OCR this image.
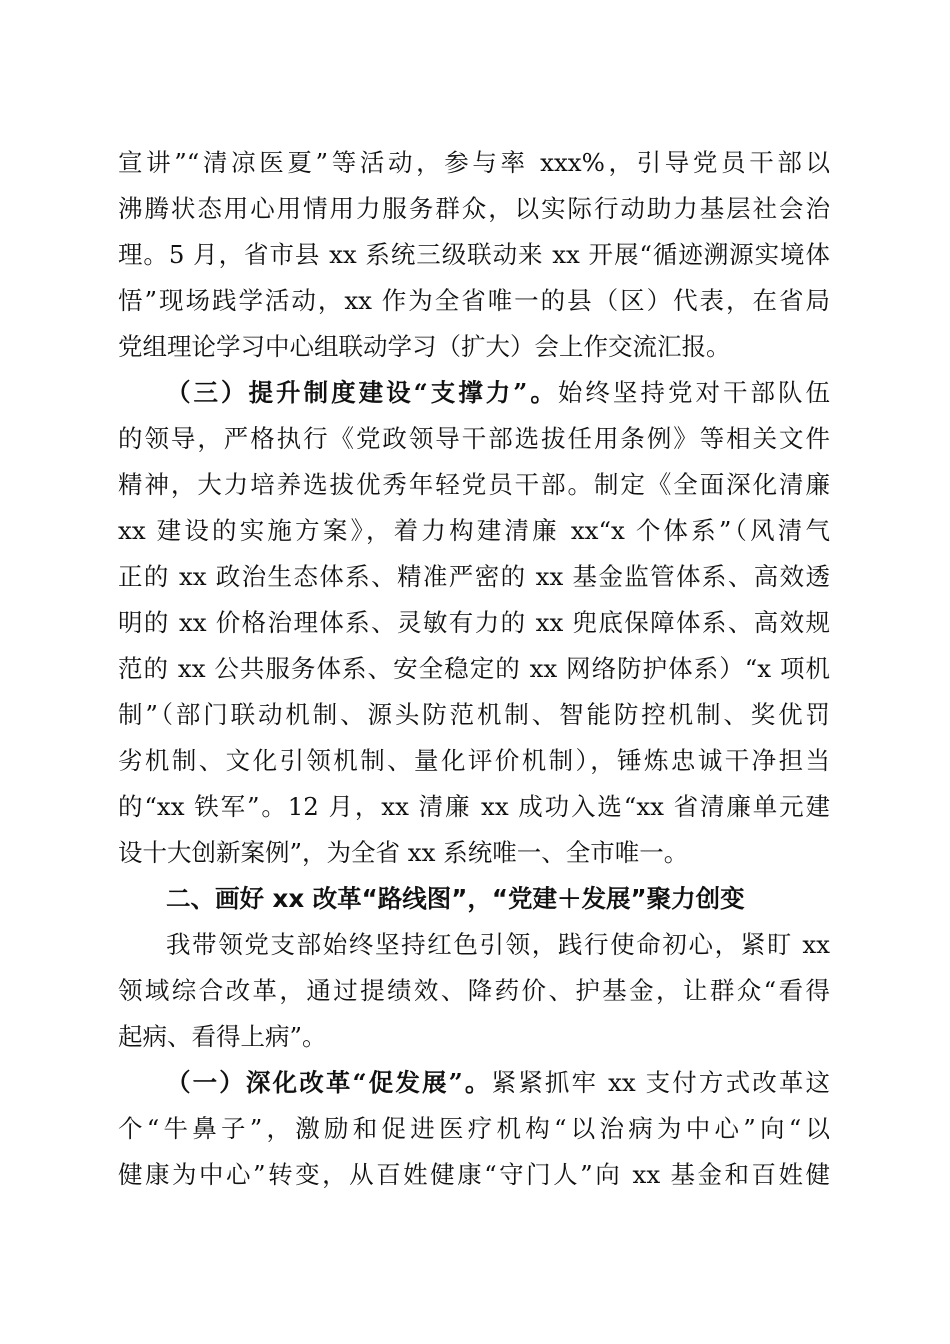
宣讲”“清凉医夏”等活动，参与率 xxx%，引导党员干部以
沸腾状态用心用情用力服务群众，以实际行动助力基层社会治
理。5 月，省市县 xx 系统三级联动来 xx 开展“循迹溯源实境体
悟”现场践学活动，xx 作为全省唯一的县（区）代表，在省局
党组理论学习中心组联动学习（扩大）会上作交流汇报。
（三）提升制度建设“支撑力”。始终坚持党对干部队伍
的领导，严格执行《党政领导干部选拔任用条例》等相关文件
精神，大力培养选拔优秀年轻党员干部。制定《全面深化清廉
xx 建设的实施方案》，着力构建清廉 xx“x 个体系”（风清气
正的 xx 政治生态体系、精准严密的 xx 基金监管体系、高效透
明的 xx 价格治理体系、灵敏有力的 xx 兜底保障体系、高效规
范的 xx 公共服务体系、安全稳定的 xx 网络防护体系）“x 项机
制”（部门联动机制、源头防范机制、智能防控机制、奖优罚
劣机制、文化引领机制、量化评价机制），锤炼忠诚干净担当
的“xx 铁军”。12 月，xx 清廉 xx 成功入选“xx 省清廉单元建
设十大创新案例”，为全省 xx 系统唯一、全市唯一。
二、画好 xx 改革“路线图”，“党建＋发展”聚力创变
我带领党支部始终坚持红色引领，践行使命初心，紧盯 xx
领域综合改革，通过提绩效、降药价、护基金，让群众“看得
起病、看得上病”。
（一）深化改革“促发展”。紧紧抓牢 xx 支付方式改革这
个“牛鼻子”，激励和促进医疗机构“以治病为中心”向“以
健康为中心”转变，从百姓健康“守门人”向 xx 基金和百姓健
